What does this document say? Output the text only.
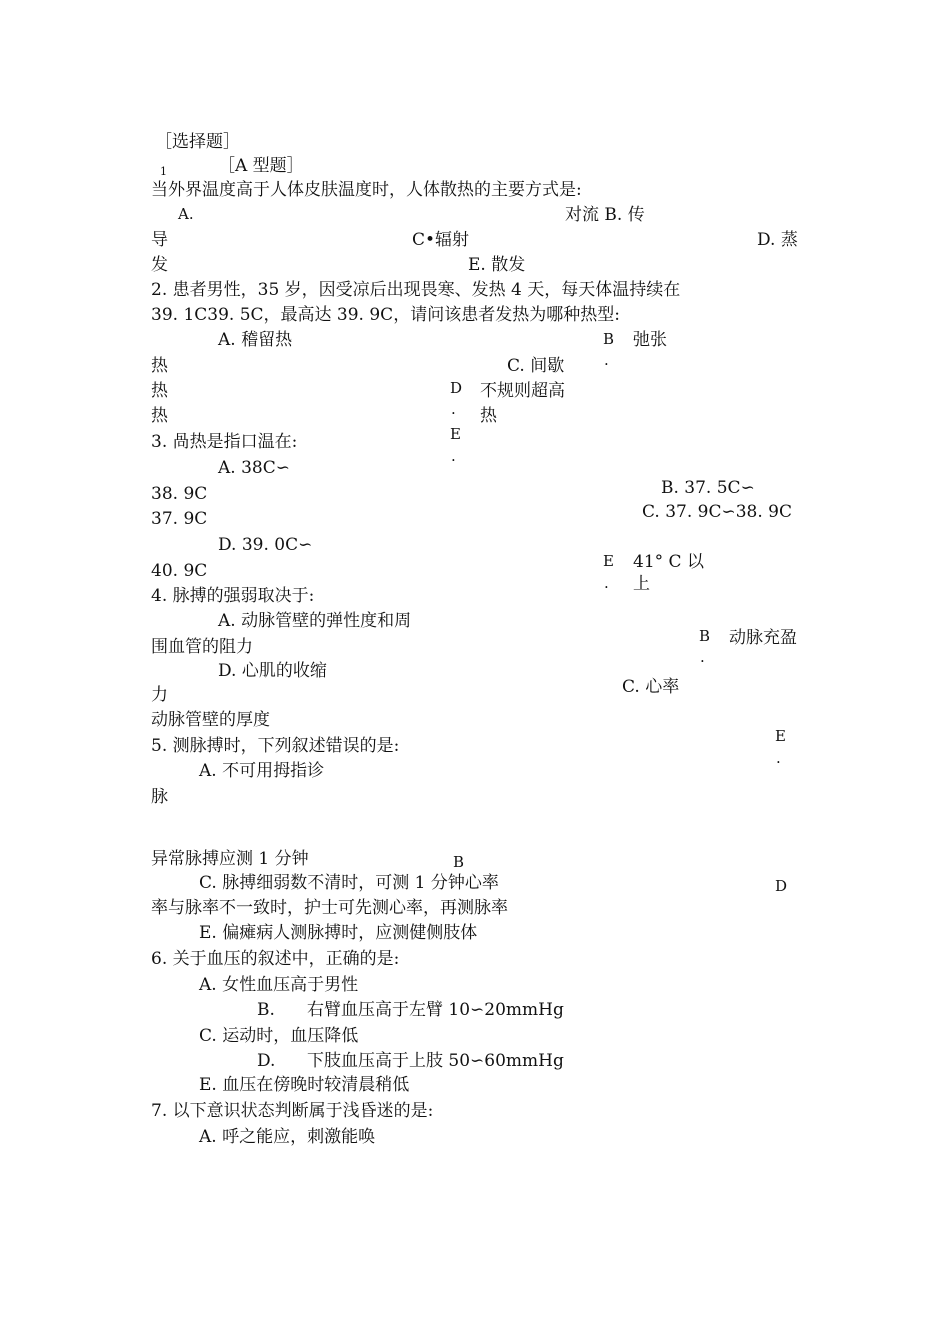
［选择题］
1	［A 型题］
当外界温度高于人体皮肤温度时，人体散热的主要方式是:
A.	对流 B. 传
导	C•辐射	D. 蒸
发	E. 散发
2. 患者男性，35 岁，因受凉后出现畏寒、发热 4 天，每天体温持续在
39. 1C39. 5C，最高达 39. 9C，请问该患者发热为哪种热型:
A. 稽留热	B 弛张
.
热	C. 间歇
热	D 不规则超高
.
热	热
E
.
3. 咼热是指口温在:
A. 38C∽
B. 37. 5C∽
38. 9C
C. 37. 9C∽38. 9C
37. 9C
D. 39. 0C∽
E 41° C 以
40. 9C
. 上
4. 脉搏的强弱取决于:
A. 动脉管壁的弹性度和周
B 动脉充盈
围血管的阻力	.
D. 心肌的收缩
C. 心率
力
动脉管壁的厚度
E
5. 测脉搏时，下列叙述错误的是:
.
A. 不可用拇指诊
脉
异常脉搏应测 1 分钟	B
C. 脉搏细弱数不清时，可测 1 分钟心率	D
率与脉率不一致时，护士可先测心率，再测脉率
E. 偏瘫病人测脉搏时，应测健侧肢体
6. 关于血压的叙述中，正确的是:
A. 女性血压高于男性
B. 右臂血压高于左臂 10∽20mmHg
C. 运动时，血压降低
D. 下肢血压高于上肢 50∽60mmHg
E. 血压在傍晚时较清晨稍低
7. 以下意识状态判断属于浅昏迷的是:
A. 呼之能应，刺激能唤
